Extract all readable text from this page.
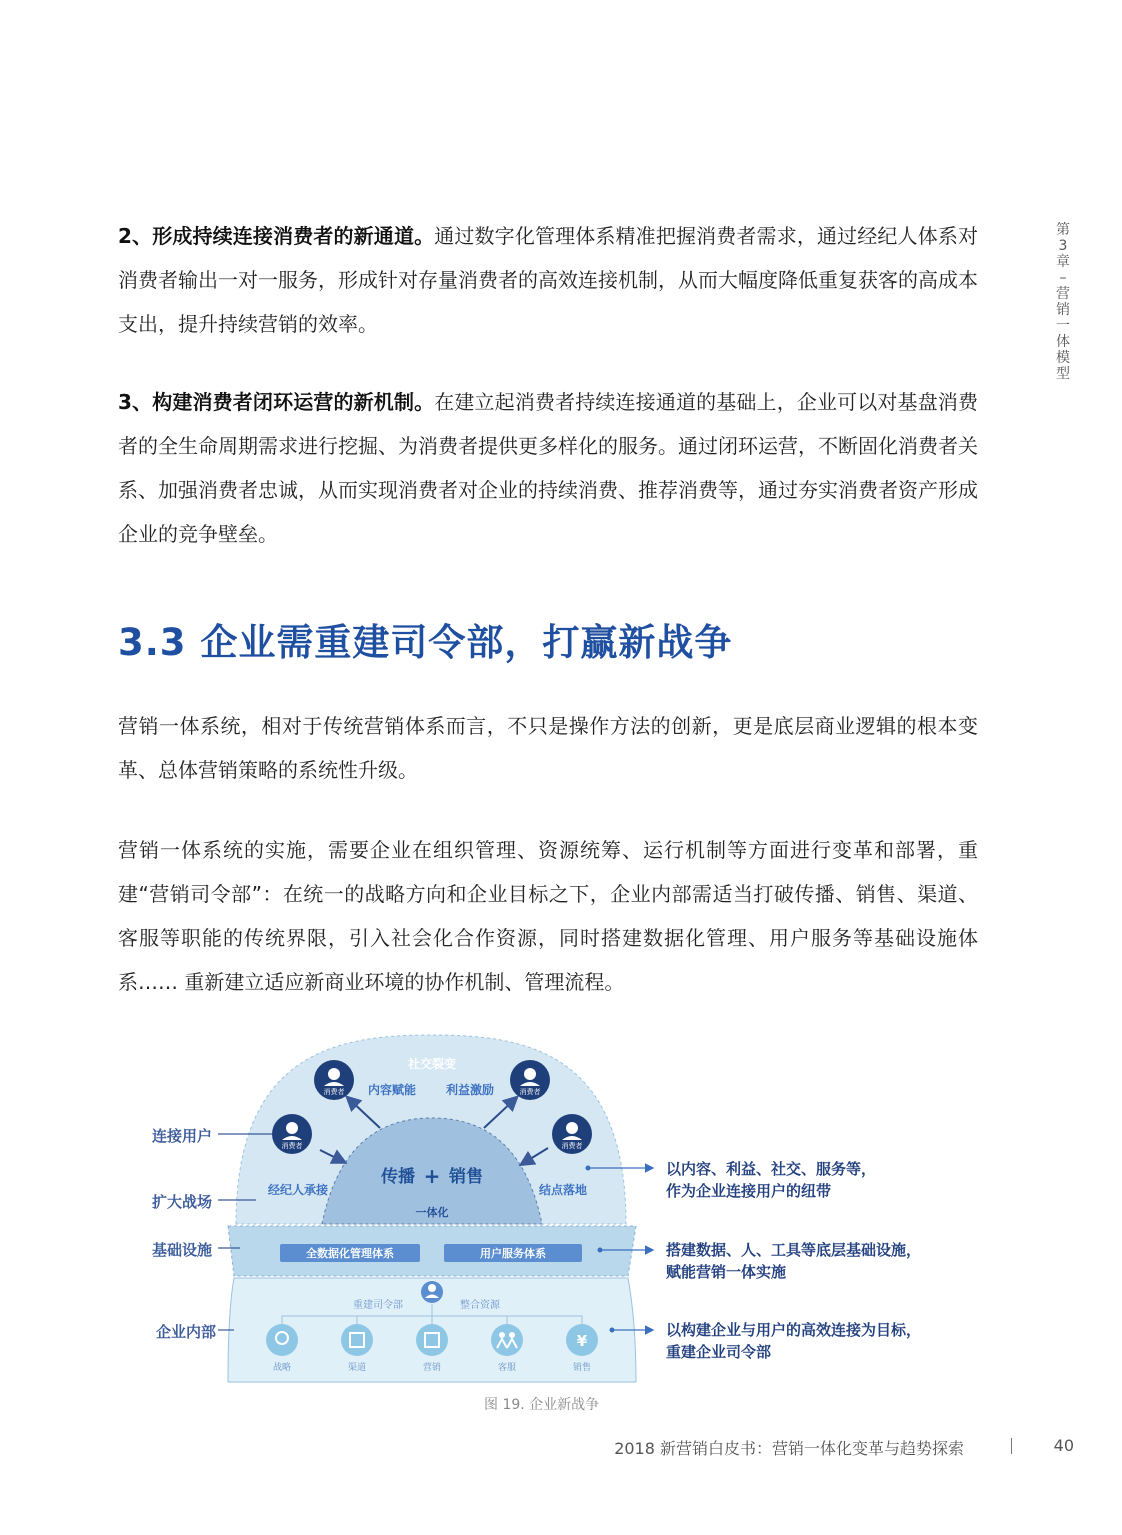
第
3
章
–
营
销
一
体
模
型

2、形成持续连接消费者的新通道。通过数字化管理体系精准把握消费者需求，通过经纪人体系对消费者输出一对一服务，形成针对存量消费者的高效连接机制，从而大幅度降低重复获客的高成本支出，提升持续营销的效率。

3、构建消费者闭环运营的新机制。在建立起消费者持续连接通道的基础上，企业可以对基盘消费者的全生命周期需求进行挖掘、为消费者提供更多样化的服务。通过闭环运营，不断固化消费者关系、加强消费者忠诚，从而实现消费者对企业的持续消费、推荐消费等，通过夯实消费者资产形成企业的竞争壁垒。

3.3 企业需重建司令部，打赢新战争

营销一体系统，相对于传统营销体系而言，不只是操作方法的创新，更是底层商业逻辑的根本变革、总体营销策略的系统性升级。

营销一体系统的实施，需要企业在组织管理、资源统筹、运行机制等方面进行变革和部署，重建“营销司令部”：在统一的战略方向和企业目标之下，企业内部需适当打破传播、销售、渠道、客服等职能的传统界限，引入社会化合作资源，同时搭建数据化管理、用户服务等基础设施体系…… 重新建立适应新商业环境的协作机制、管理流程。

全数据化管理体系	用户服务体系
社交裂变
内容赋能 利益激励
经纪人承接	结点落地
传播 + 销售
一体化
消费者	消费者
消费者	消费者
重建司令部	整合资源
战略	渠道	营销	客服
¥
销售
连接用户
扩大战场
基础设施
企业内部
以内容、利益、社交、服务等，
作为企业连接用户的纽带
搭建数据、人、工具等底层基础设施，
赋能营销一体实施
以构建企业与用户的高效连接为目标，
重建企业司令部
图 19. 企业新战争
2018 新营销白皮书：营销一体化变革与趋势探索	40
